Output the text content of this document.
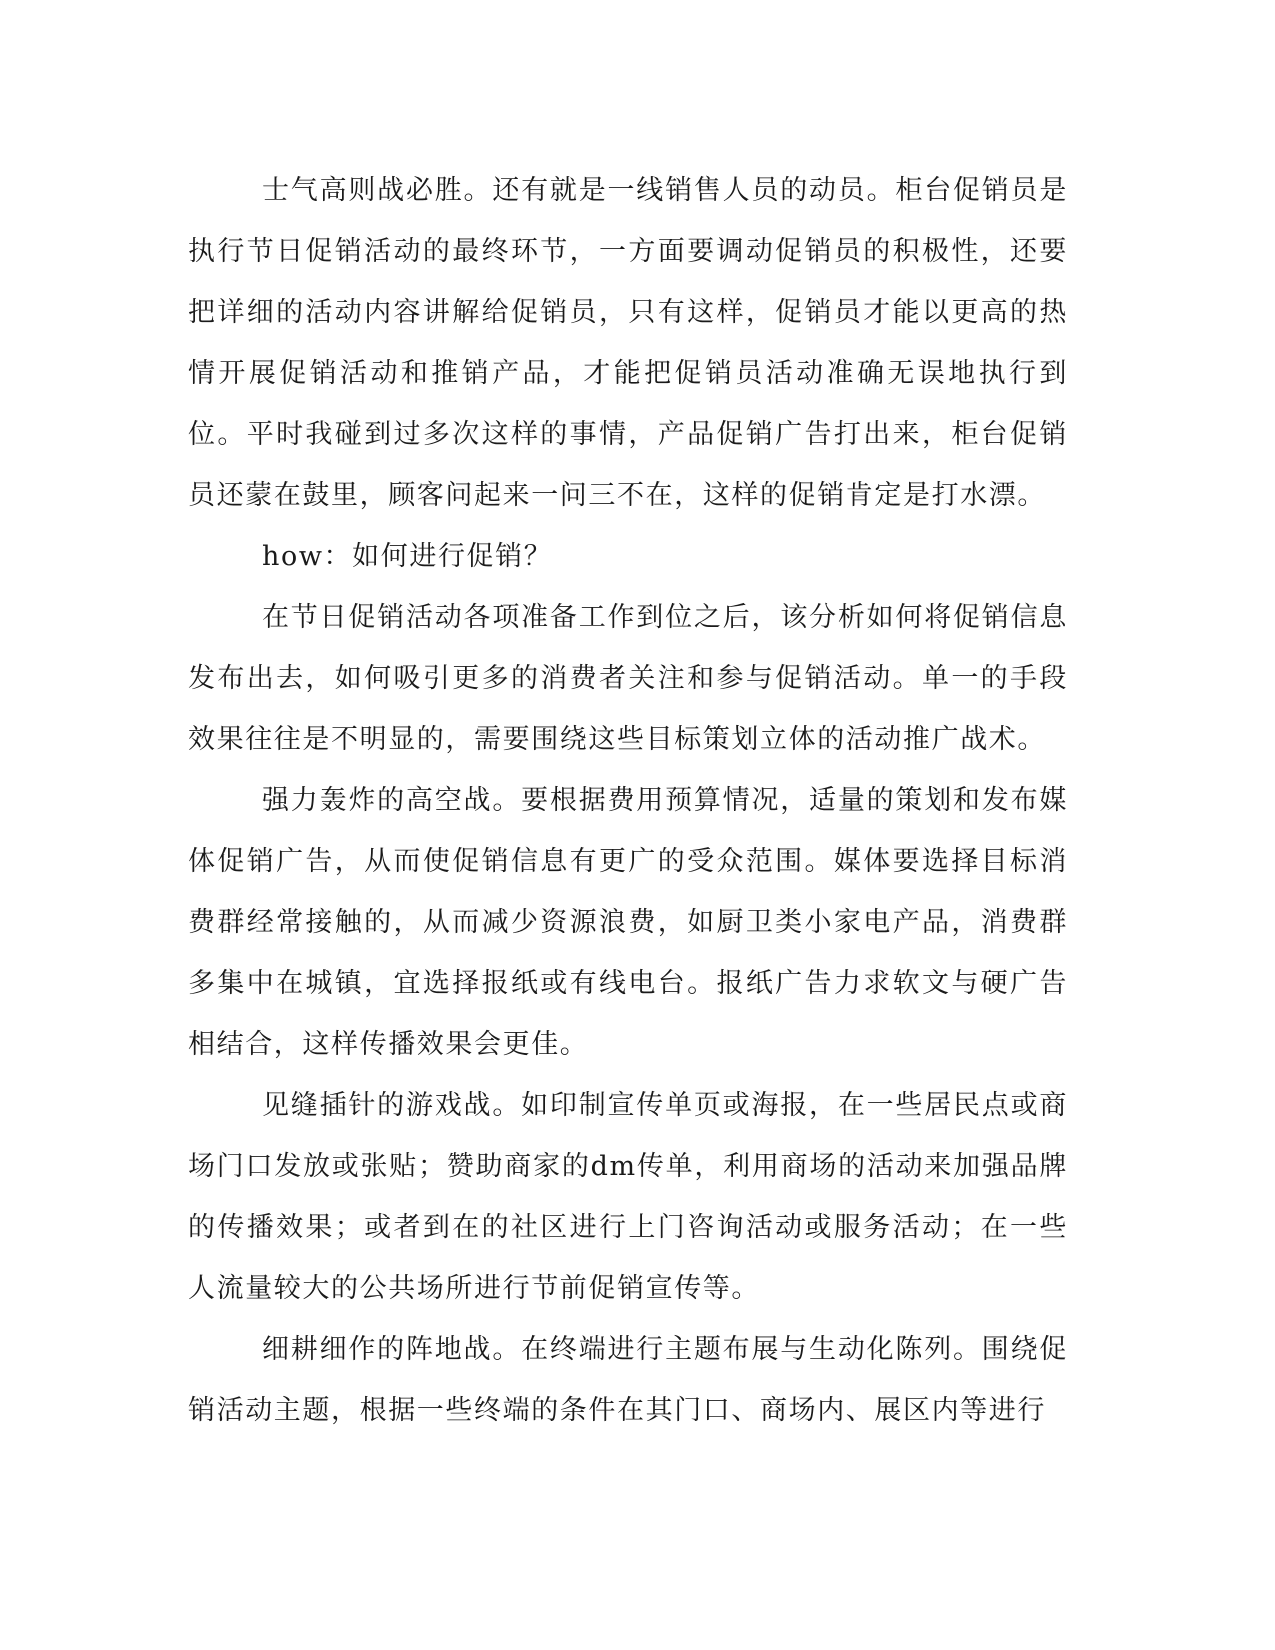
士气高则战必胜。还有就是一线销售人员的动员。柜台促销员是执行节日促销活动的最终环节，一方面要调动促销员的积极性，还要把详细的活动内容讲解给促销员，只有这样，促销员才能以更高的热情开展促销活动和推销产品，才能把促销员活动准确无误地执行到位。平时我碰到过多次这样的事情，产品促销广告打出来，柜台促销员还蒙在鼓里，顾客问起来一问三不在，这样的促销肯定是打水漂。

how：如何进行促销？

在节日促销活动各项准备工作到位之后，该分析如何将促销信息发布出去，如何吸引更多的消费者关注和参与促销活动。单一的手段效果往往是不明显的，需要围绕这些目标策划立体的活动推广战术。

强力轰炸的高空战。要根据费用预算情况，适量的策划和发布媒体促销广告，从而使促销信息有更广的受众范围。媒体要选择目标消费群经常接触的，从而减少资源浪费，如厨卫类小家电产品，消费群多集中在城镇，宜选择报纸或有线电台。报纸广告力求软文与硬广告相结合，这样传播效果会更佳。

见缝插针的游戏战。如印制宣传单页或海报，在一些居民点或商场门口发放或张贴；赞助商家的dm传单，利用商场的活动来加强品牌的传播效果；或者到在的社区进行上门咨询活动或服务活动；在一些人流量较大的公共场所进行节前促销宣传等。

细耕细作的阵地战。在终端进行主题布展与生动化陈列。围绕促销活动主题，根据一些终端的条件在其门口、商场内、展区内等进行
